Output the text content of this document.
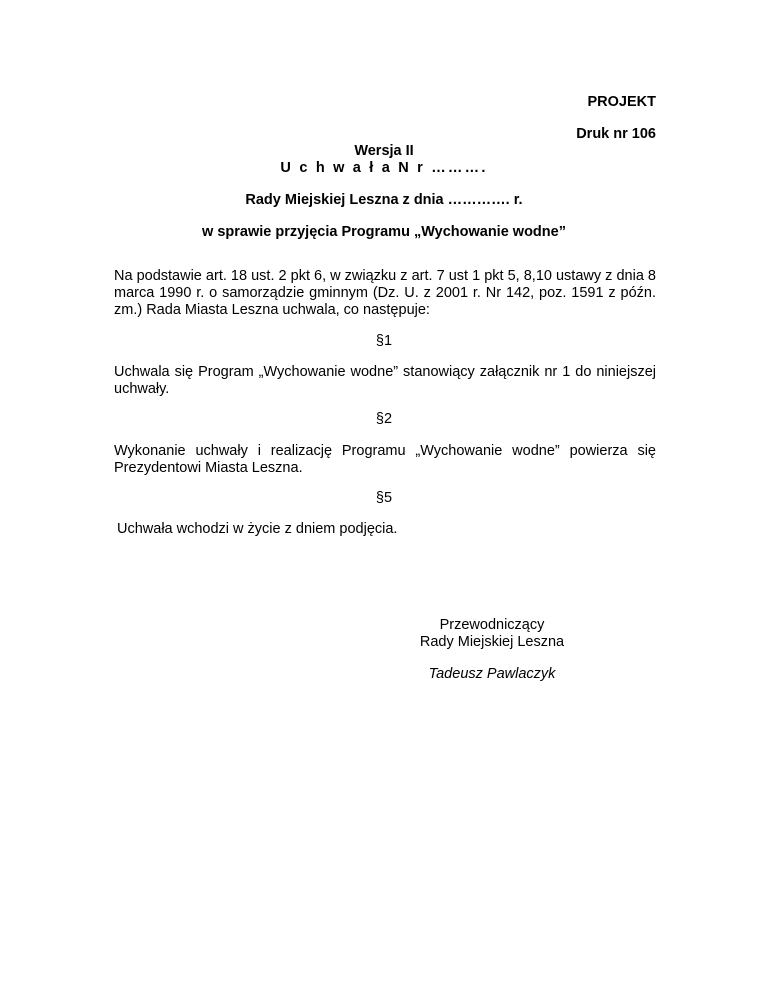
PROJEKT
Druk nr 106
Wersja II
U c h w a ł a N r ……….
Rady Miejskiej Leszna z dnia …………. r.
w sprawie przyjęcia Programu „Wychowanie wodne”
Na podstawie art. 18 ust. 2 pkt 6, w związku z art. 7 ust 1 pkt 5, 8,10 ustawy z dnia 8 marca 1990 r. o samorządzie gminnym (Dz. U. z 2001 r. Nr 142, poz. 1591 z późn. zm.) Rada Miasta Leszna uchwala, co następuje:
§1
Uchwala się Program „Wychowanie wodne” stanowiący załącznik nr 1 do niniejszej uchwały.
§2
Wykonanie uchwały i realizację Programu „Wychowanie wodne” powierza się Prezydentowi Miasta Leszna.
§5
Uchwała wchodzi w życie z dniem podjęcia.
Przewodniczący
Rady Miejskiej Leszna
Tadeusz Pawlaczyk
